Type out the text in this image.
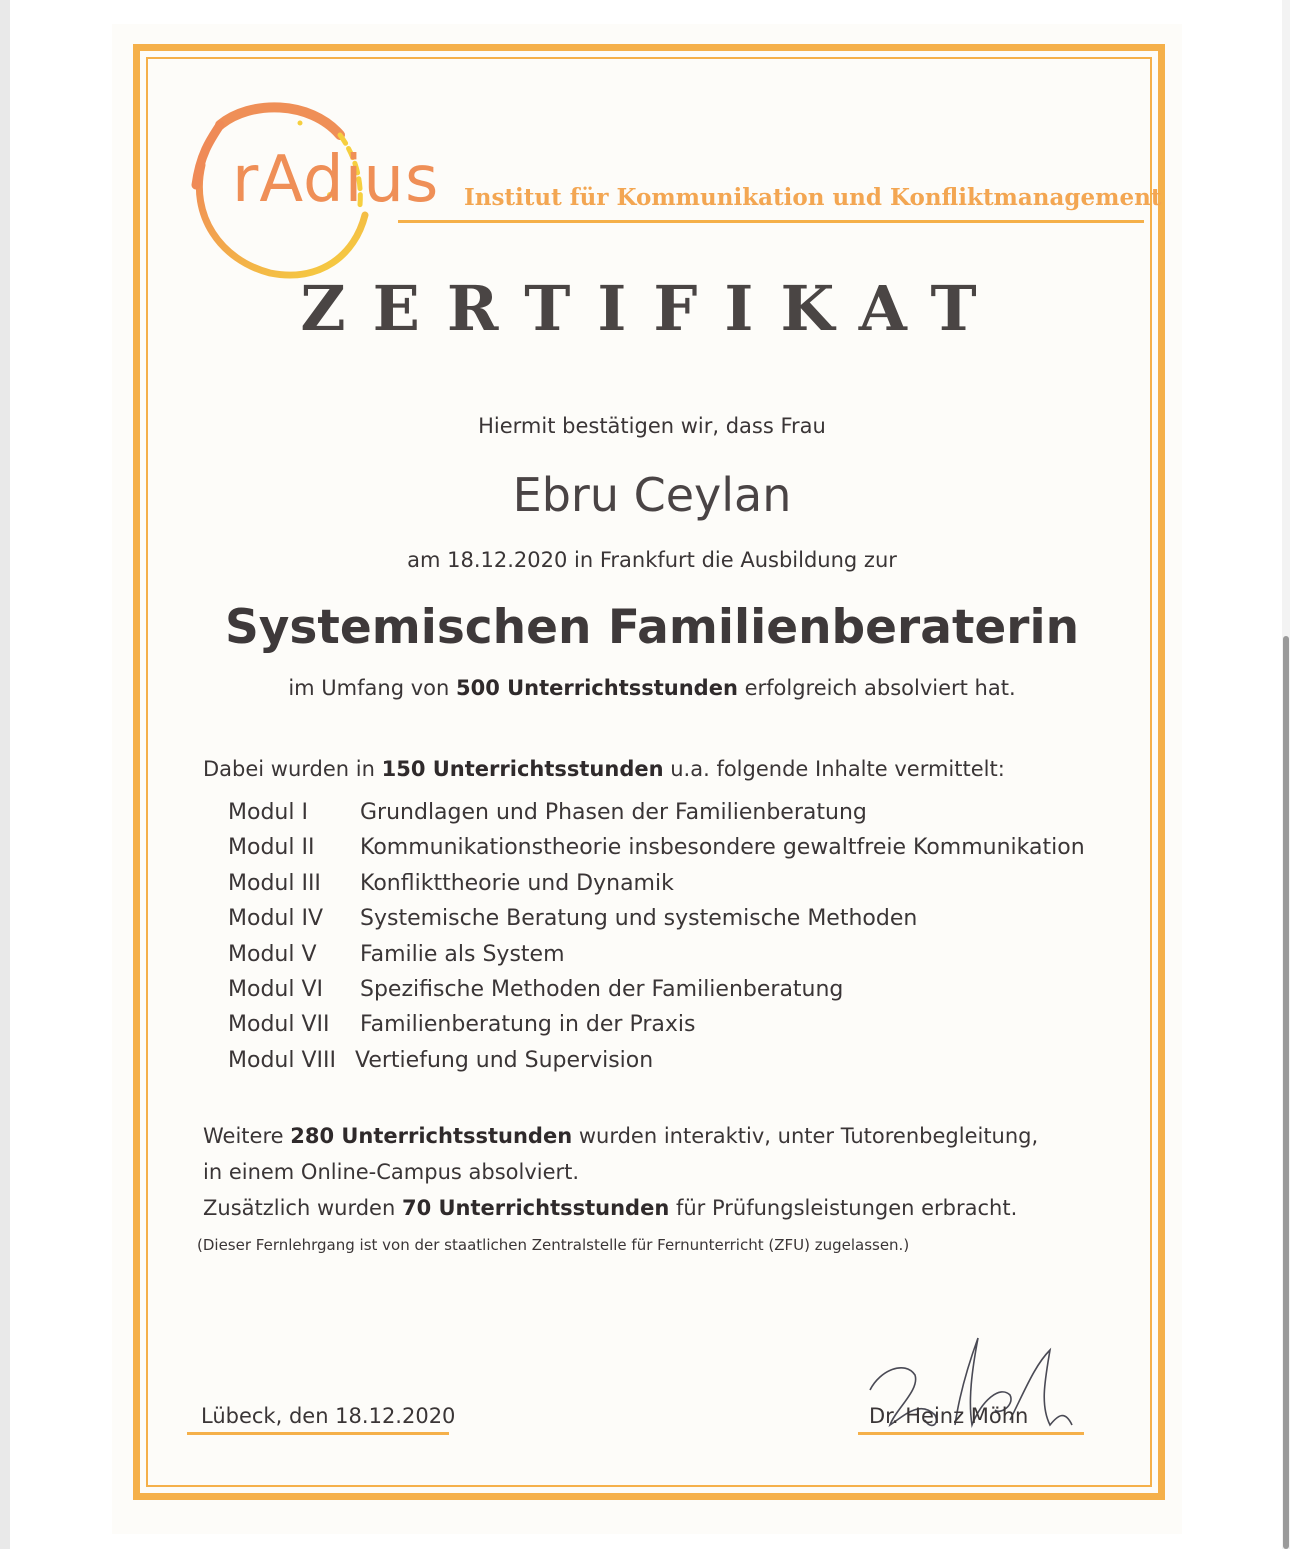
rAdius Institut für Kommunikation und Konfliktmanagement
ZERTIFIKAT
Hiermit bestätigen wir, dass Frau
Ebru Ceylan
am 18.12.2020 in Frankfurt die Ausbildung zur
Systemischen Familienberaterin
im Umfang von 500 Unterrichtsstunden erfolgreich absolviert hat.
Dabei wurden in 150 Unterrichtsstunden u.a. folgende Inhalte vermittelt:
Modul I Grundlagen und Phasen der Familienberatung
Modul II Kommunikationstheorie insbesondere gewaltfreie Kommunikation
Modul III Konflikttheorie und Dynamik
Modul IV Systemische Beratung und systemische Methoden
Modul V Familie als System
Modul VI Spezifische Methoden der Familienberatung
Modul VII Familienberatung in der Praxis
Modul VIII Vertiefung und Supervision
Weitere 280 Unterrichtsstunden wurden interaktiv, unter Tutorenbegleitung,
in einem Online-Campus absolviert.
Zusätzlich wurden 70 Unterrichtsstunden für Prüfungsleistungen erbracht.
(Dieser Fernlehrgang ist von der staatlichen Zentralstelle für Fernunterricht (ZFU) zugelassen.)
Lübeck, den 18.12.2020	Dr. Heinz Möhn
